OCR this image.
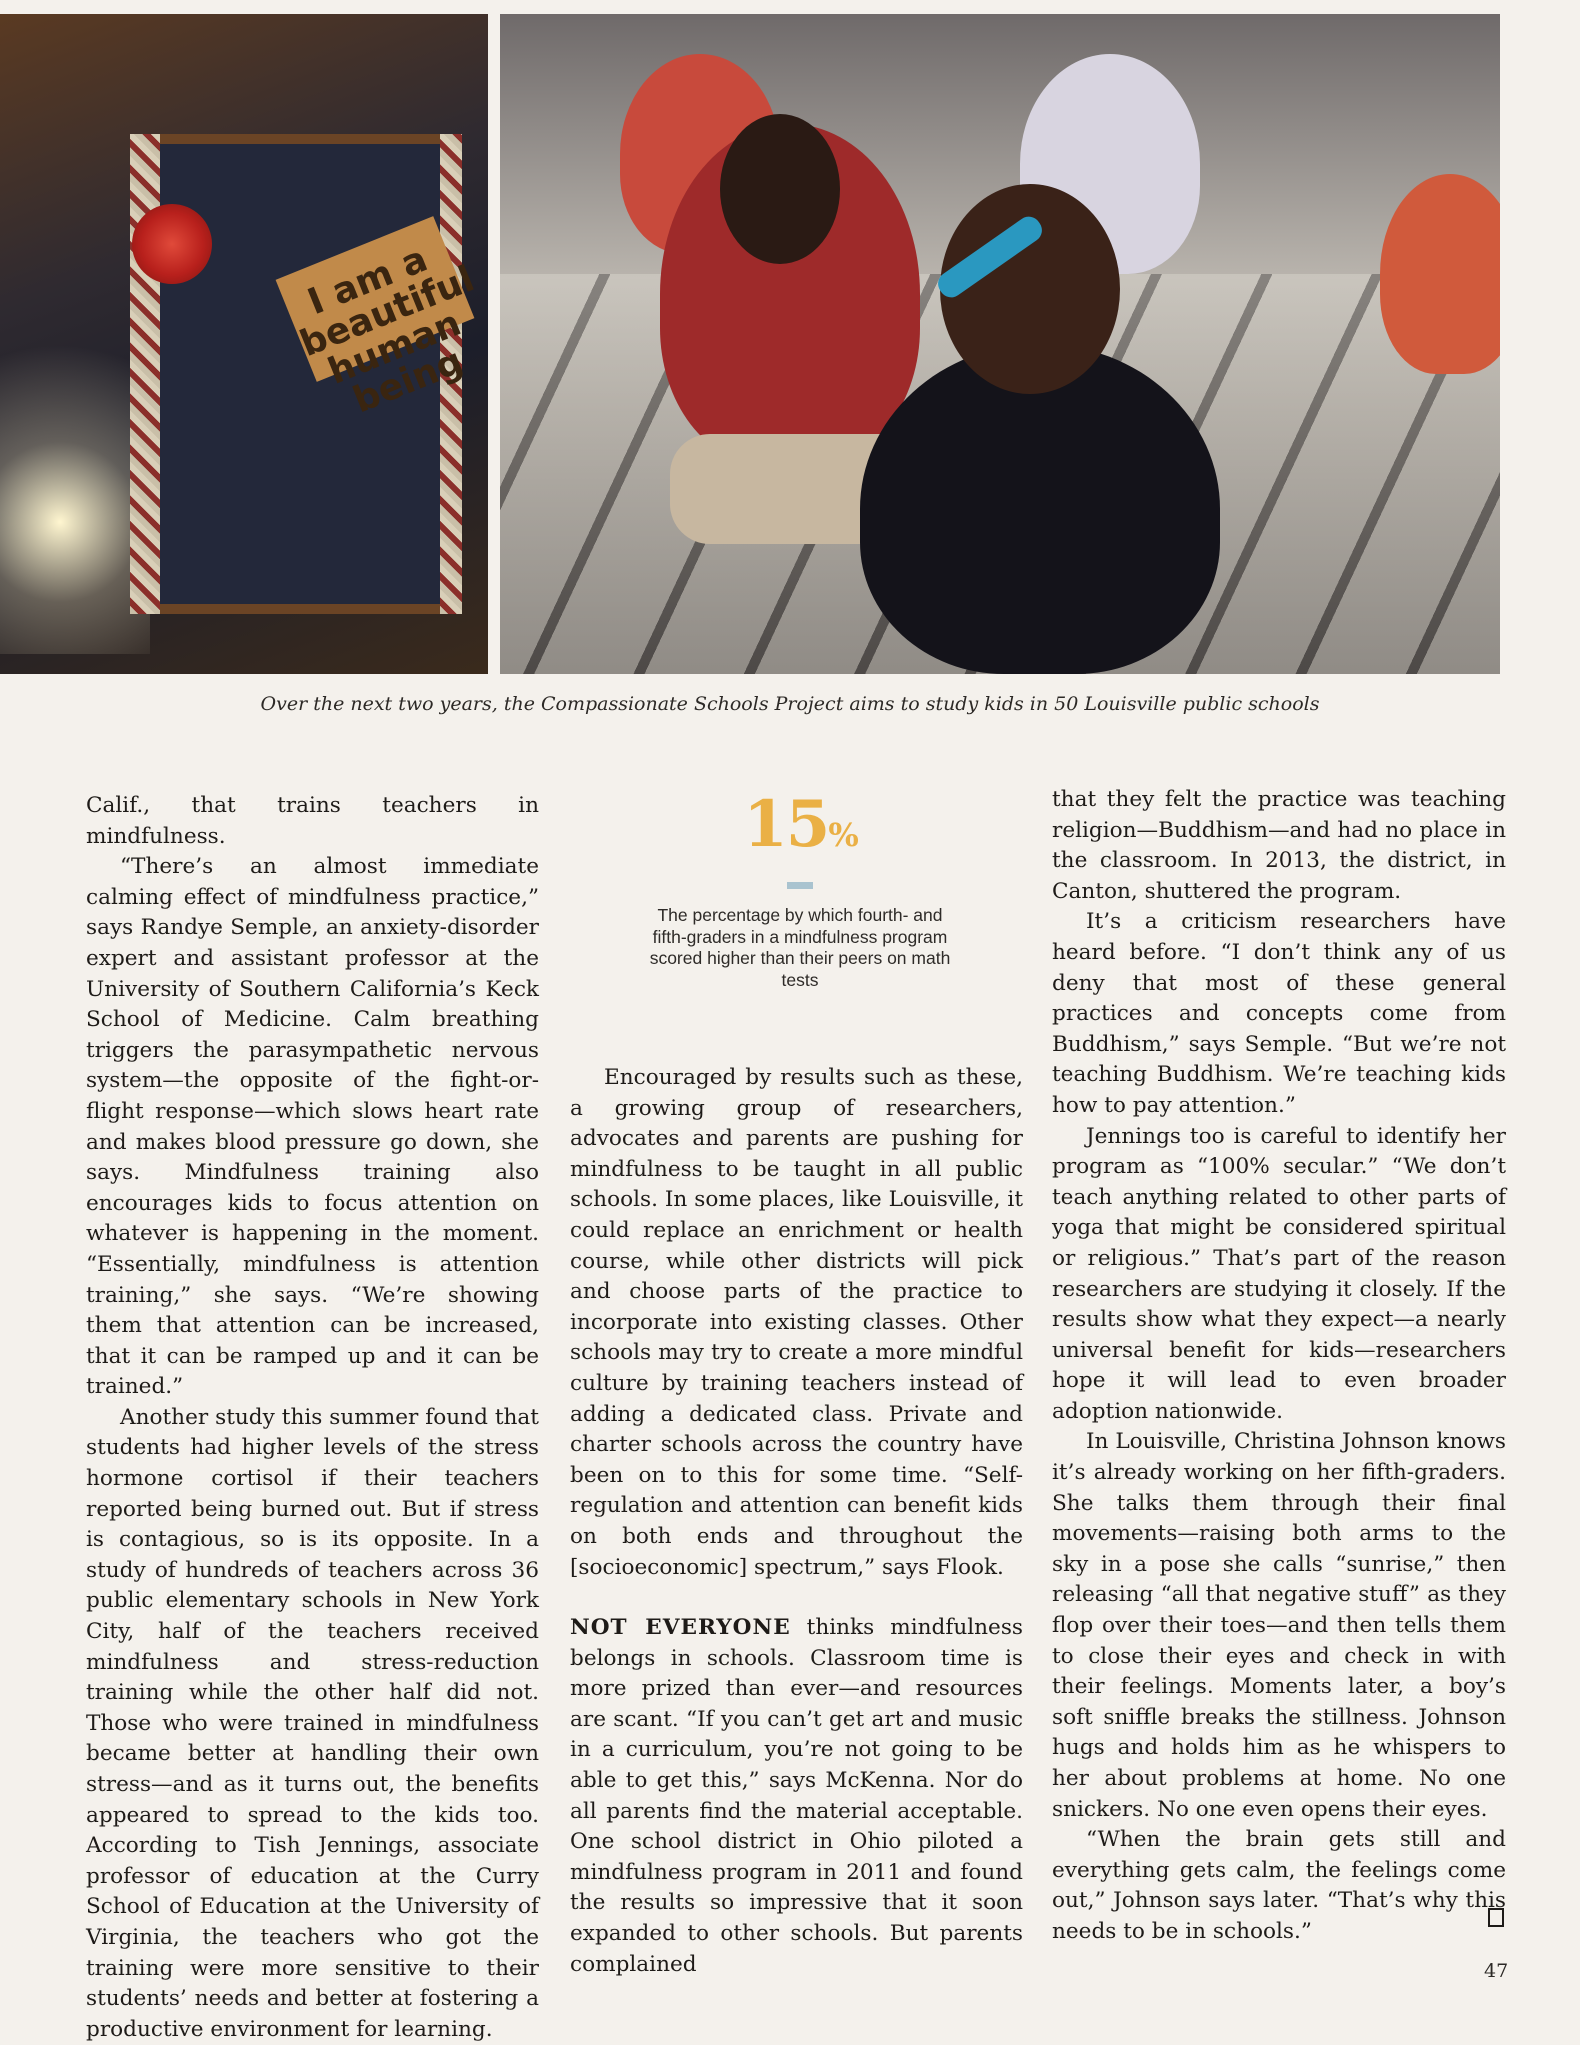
I am a beautiful human being

Over the next two years, the Compassionate Schools Project aims to study kids in 50 Louisville public schools

Calif., that trains teachers in mindfulness.

“There’s an almost immediate calming effect of mindfulness practice,” says Randye Semple, an anxiety-disorder expert and assistant professor at the University of Southern California’s Keck School of Medicine. Calm breathing triggers the parasympathetic nervous system—the opposite of the fight-or-flight response—which slows heart rate and makes blood pressure go down, she says. Mindfulness training also encourages kids to focus attention on whatever is happening in the moment. “Essentially, mindfulness is attention training,” she says. “We’re showing them that attention can be increased, that it can be ramped up and it can be trained.”

Another study this summer found that students had higher levels of the stress hormone cortisol if their teachers reported being burned out. But if stress is contagious, so is its opposite. In a study of hundreds of teachers across 36 public elementary schools in New York City, half of the teachers received mindfulness and stress-reduction training while the other half did not. Those who were trained in mindfulness became better at handling their own stress—and as it turns out, the benefits appeared to spread to the kids too. According to Tish Jennings, associate professor of education at the Curry School of Education at the University of Virginia, the teachers who got the training were more sensitive to their students’ needs and better at fostering a productive environment for learning.

15%

The percentage by which fourth- and fifth-graders in a mindfulness program scored higher than their peers on math tests

Encouraged by results such as these, a growing group of researchers, advocates and parents are pushing for mindfulness to be taught in all public schools. In some places, like Louisville, it could replace an enrichment or health course, while other districts will pick and choose parts of the practice to incorporate into existing classes. Other schools may try to create a more mindful culture by training teachers instead of adding a dedicated class. Private and charter schools across the country have been on to this for some time. “Self-regulation and attention can benefit kids on both ends and throughout the [socioeconomic] spectrum,” says Flook.

NOT EVERYONE thinks mindfulness belongs in schools. Classroom time is more prized than ever—and resources are scant. “If you can’t get art and music in a curriculum, you’re not going to be able to get this,” says McKenna. Nor do all parents find the material acceptable. One school district in Ohio piloted a mindfulness program in 2011 and found the results so impressive that it soon expanded to other schools. But parents complained

that they felt the practice was teaching religion—Buddhism—and had no place in the classroom. In 2013, the district, in Canton, shuttered the program.

It’s a criticism researchers have heard before. “I don’t think any of us deny that most of these general practices and concepts come from Buddhism,” says Semple. “But we’re not teaching Buddhism. We’re teaching kids how to pay attention.”

Jennings too is careful to identify her program as “100% secular.” “We don’t teach anything related to other parts of yoga that might be considered spiritual or religious.” That’s part of the reason researchers are studying it closely. If the results show what they expect—a nearly universal benefit for kids—researchers hope it will lead to even broader adoption nationwide.

In Louisville, Christina Johnson knows it’s already working on her fifth-graders. She talks them through their final movements—raising both arms to the sky in a pose she calls “sunrise,” then releasing “all that negative stuff” as they flop over their toes—and then tells them to close their eyes and check in with their feelings. Moments later, a boy’s soft sniffle breaks the stillness. Johnson hugs and holds him as he whispers to her about problems at home. No one snickers. No one even opens their eyes.

“When the brain gets still and everything gets calm, the feelings come out,” Johnson says later. “That’s why this needs to be in schools.”

47
